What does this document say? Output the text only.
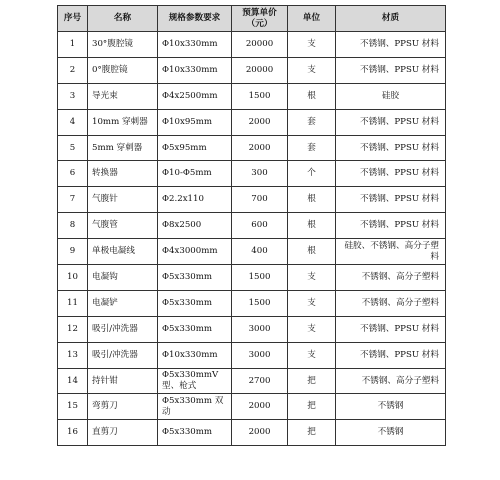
序号	名称	规格参数要求	预算单价（元）	单位	材质
1	30°腹腔镜	Φ10x330mm	20000	支	不锈钢、PPSU 材料
2	0°腹腔镜	Φ10x330mm	20000	支	不锈钢、PPSU 材料
3	导光束	Φ4x2500mm	1500	根	硅胶
4	10mm 穿刺器	Φ10x95mm	2000	套	不锈钢、PPSU 材料
5	5mm 穿刺器	Φ5x95mm	2000	套	不锈钢、PPSU 材料
6	转换器	Φ10-Φ5mm	300	个	不锈钢、PPSU 材料
7	气腹针	Φ2.2x110	700	根	不锈钢、PPSU 材料
8	气腹管	Φ8x2500	600	根	不锈钢、PPSU 材料
9	单极电凝线	Φ4x3000mm	400	根	硅胶、不锈钢、高分子塑料
10	电凝钩	Φ5x330mm	1500	支	不锈钢、高分子塑料
11	电凝铲	Φ5x330mm	1500	支	不锈钢、高分子塑料
12	吸引/冲洗器	Φ5x330mm	3000	支	不锈钢、PPSU 材料
13	吸引/冲洗器	Φ10x330mm	3000	支	不锈钢、PPSU 材料
14	持针钳	Φ5x330mmV 型、枪式	2700	把	不锈钢、高分子塑料
15	弯剪刀	Φ5x330mm 双动	2000	把	不锈钢
16	直剪刀	Φ5x330mm	2000	把	不锈钢
